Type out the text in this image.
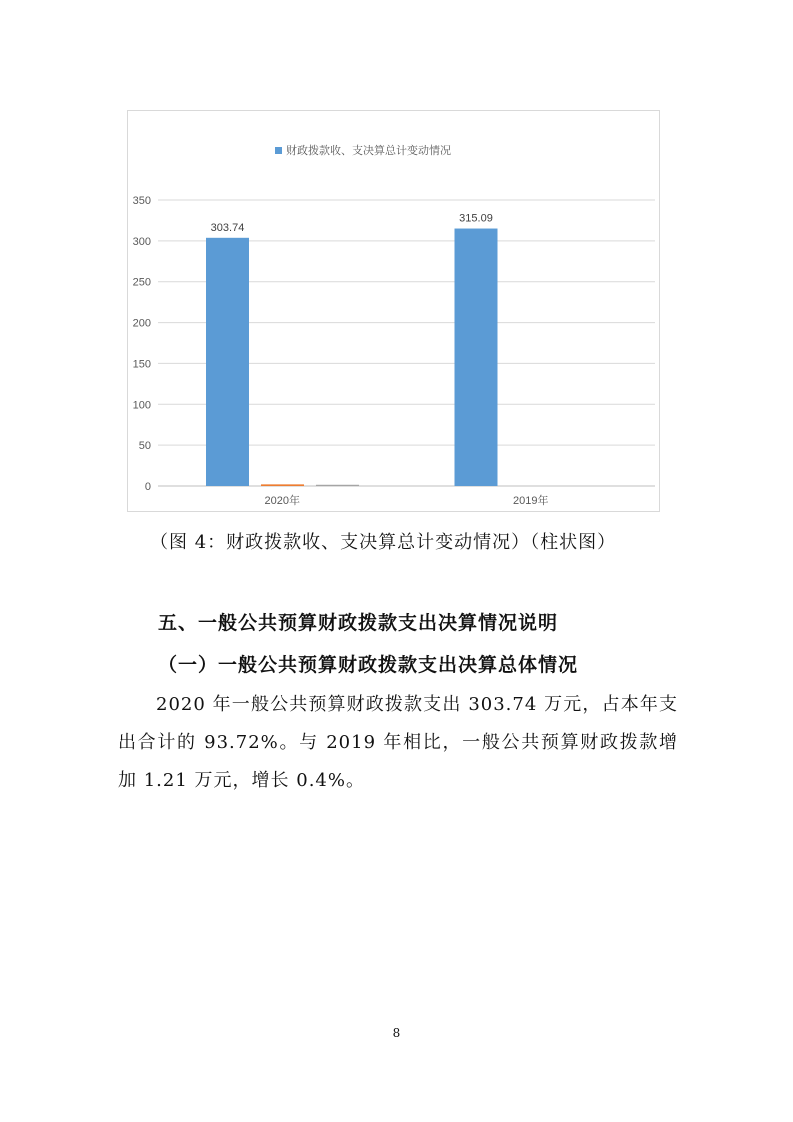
0
50
100
150
200
250
300
350
财政拨款收、支决算总计变动情况
303.74
2020年
315.09
2019年
（图 4：财政拨款收、支决算总计变动情况）（柱状图）
五、一般公共预算财政拨款支出决算情况说明
（一）一般公共预算财政拨款支出决算总体情况
2020 年一般公共预算财政拨款支出 303.74 万元，占本年支出合计的 93.72%。与 2019 年相比，一般公共预算财政拨款增加 1.21 万元，增长 0.4%。
8
